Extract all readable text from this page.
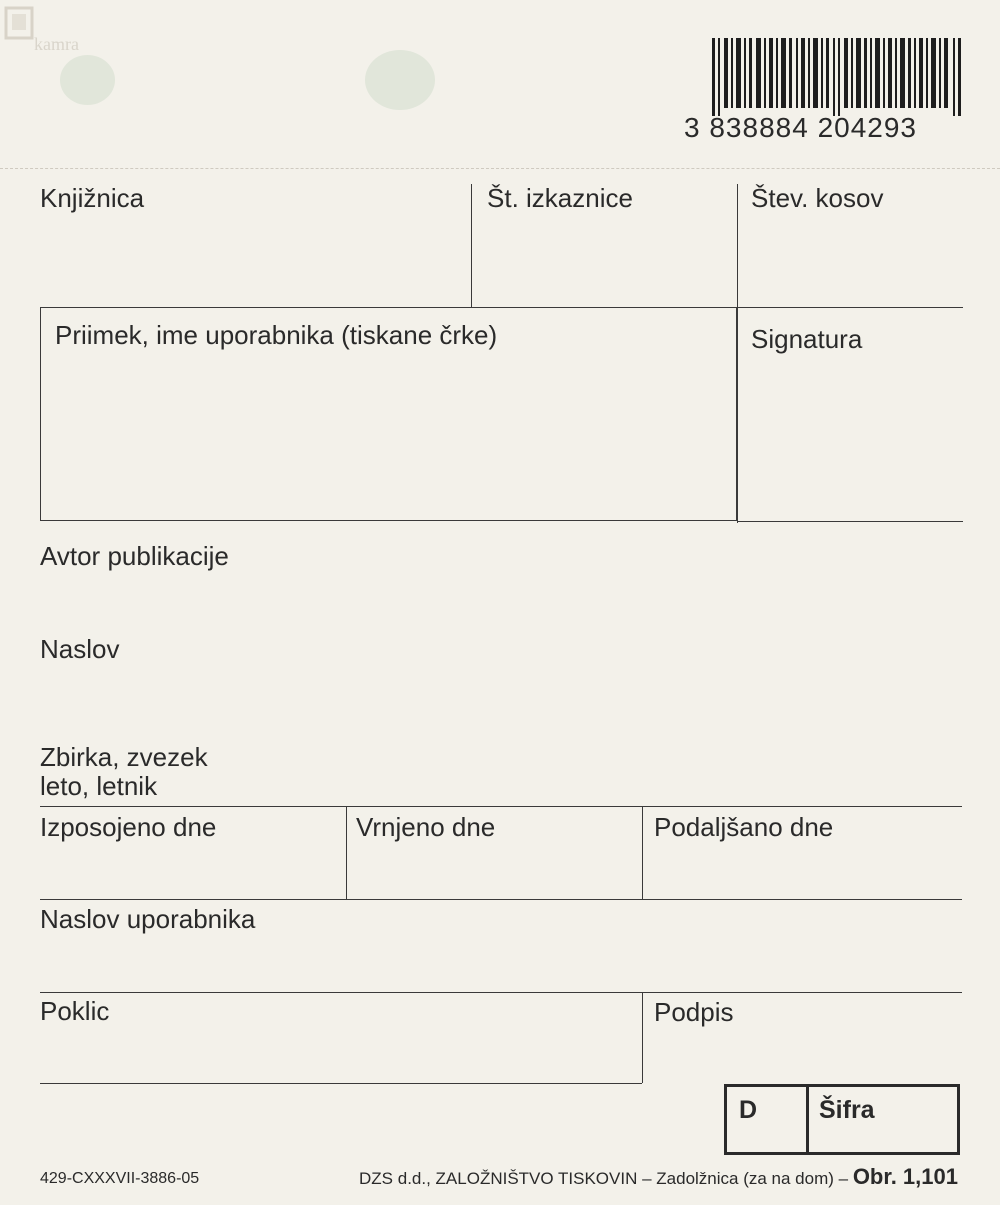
kamra
3 838884 204293
Knjižnica	Št. izkaznice	Štev. kosov
Priimek, ime uporabnika (tiskane črke)	Signatura
Avtor publikacije
Naslov
Zbirka, zvezek
leto, letnik
Izposojeno dne	Vrnjeno dne	Podaljšano dne
Naslov uporabnika
Poklic	Podpis
D Šifra
429-CXXXVII-3886-05	DZS d.d., ZALOŽNIŠTVO TISKOVIN – Zadolžnica (za na dom) – Obr. 1,101
